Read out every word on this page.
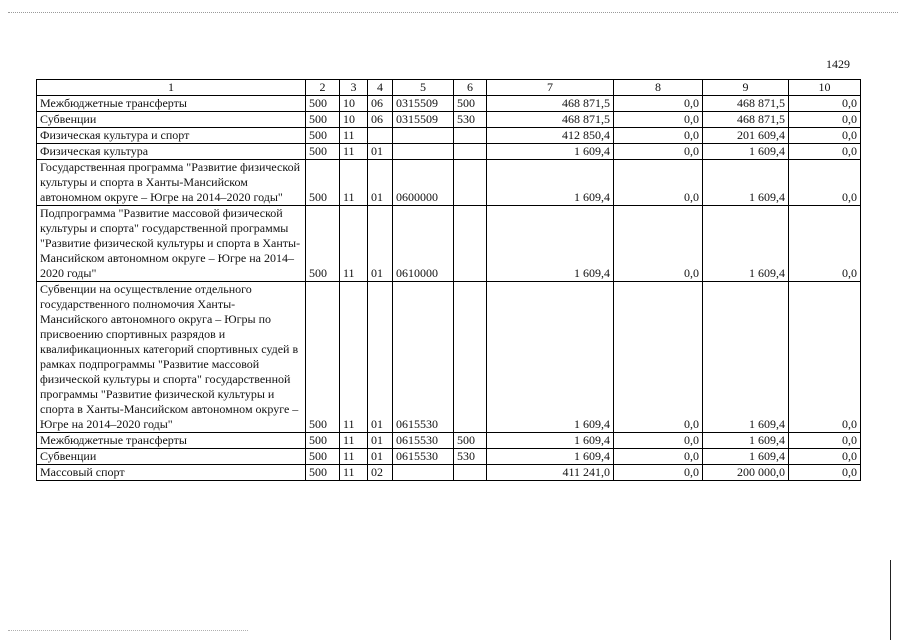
1429
1	2	3	4	5	6	7	8	9	10
Межбюджетные трансферты	500	10	06	0315509	500	468 871,5	0,0	468 871,5	0,0
Субвенции	500	10	06	0315509	530	468 871,5	0,0	468 871,5	0,0
Физическая культура и спорт	500	11				412 850,4	0,0	201 609,4	0,0
Физическая культура	500	11	01			1 609,4	0,0	1 609,4	0,0
Государственная программа "Развитие физической культуры и спорта в Ханты-Мансийском автономном округе – Югре на 2014–2020 годы"	500	11	01	0600000		1 609,4	0,0	1 609,4	0,0
Подпрограмма "Развитие массовой физической культуры и спорта" государственной программы "Развитие физической культуры и спорта в Ханты-Мансийском автономном округе – Югре на 2014–2020 годы"	500	11	01	0610000		1 609,4	0,0	1 609,4	0,0
Субвенции на осуществление отдельного государственного полномочия Ханты-Мансийского автономного округа – Югры по присвоению спортивных разрядов и квалификационных категорий спортивных судей в рамках подпрограммы "Развитие массовой физической культуры и спорта" государственной программы "Развитие физической культуры и спорта в Ханты-Мансийском автономном округе – Югре на 2014–2020 годы"	500	11	01	0615530		1 609,4	0,0	1 609,4	0,0
Межбюджетные трансферты	500	11	01	0615530	500	1 609,4	0,0	1 609,4	0,0
Субвенции	500	11	01	0615530	530	1 609,4	0,0	1 609,4	0,0
Массовый спорт	500	11	02			411 241,0	0,0	200 000,0	0,0
